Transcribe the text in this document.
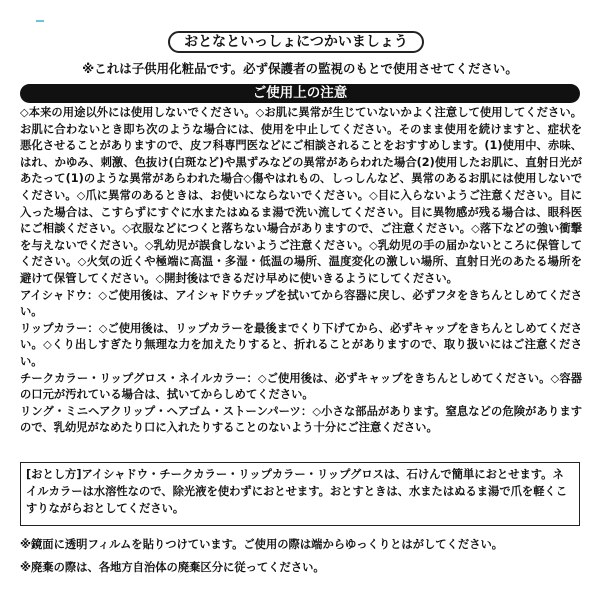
おとなといっしょにつかいましょう
※これは子供用化粧品です。必ず保護者の監視のもとで使用させてください。
ご使用上の注意

◇本来の用途以外には使用しないでください。◇お肌に異常が生じていないかよく注意して使用してください。お肌に合わないとき即ち次のような場合には、使用を中止してください。そのまま使用を続けますと、症状を悪化させることがありますので、皮フ科専門医などにご相談されることをおすすめします。(1)使用中、赤味、はれ、かゆみ、刺激、色抜け(白斑など)や黒ずみなどの異常があらわれた場合(2)使用したお肌に、直射日光があたって(1)のような異常があらわれた場合◇傷やはれもの、しっしんなど、異常のあるお肌には使用しないでください。◇爪に異常のあるときは、お使いにならないでください。◇目に入らないようご注意ください。目に入った場合は、こすらずにすぐに水またはぬるま湯で洗い流してください。目に異物感が残る場合は、眼科医にご相談ください。◇衣服などにつくと落ちない場合がありますので、ご注意ください。◇落下などの強い衝撃を与えないでください。◇乳幼児が誤食しないようご注意ください。◇乳幼児の手の届かないところに保管してください。◇火気の近くや極端に高温・多湿・低温の場所、温度変化の激しい場所、直射日光のあたる場所を避けて保管してください。◇開封後はできるだけ早めに使いきるようにしてください。

アイシャドウ：◇ご使用後は、アイシャドウチップを拭いてから容器に戻し、必ずフタをきちんとしめてください。

リップカラー：◇ご使用後は、リップカラーを最後までくり下げてから、必ずキャップをきちんとしめてください。◇くり出しすぎたり無理な力を加えたりすると、折れることがありますので、取り扱いにはご注意ください。

チークカラー・リップグロス・ネイルカラー：◇ご使用後は、必ずキャップをきちんとしめてください。◇容器の口元が汚れている場合は、拭いてからしめてください。

リング・ミニヘアクリップ・ヘアゴム・ストーンパーツ：◇小さな部品があります。窒息などの危険がありますので、乳幼児がなめたり口に入れたりすることのないよう十分にご注意ください。

[おとし方]アイシャドウ・チークカラー・リップカラー・リップグロスは、石けんで簡単におとせます。ネイルカラーは水溶性なので、除光液を使わずにおとせます。おとすときは、水またはぬるま湯で爪を軽くこすりながらおとしてください。

※鏡面に透明フィルムを貼りつけています。ご使用の際は端からゆっくりとはがしてください。

※廃棄の際は、各地方自治体の廃棄区分に従ってください。
